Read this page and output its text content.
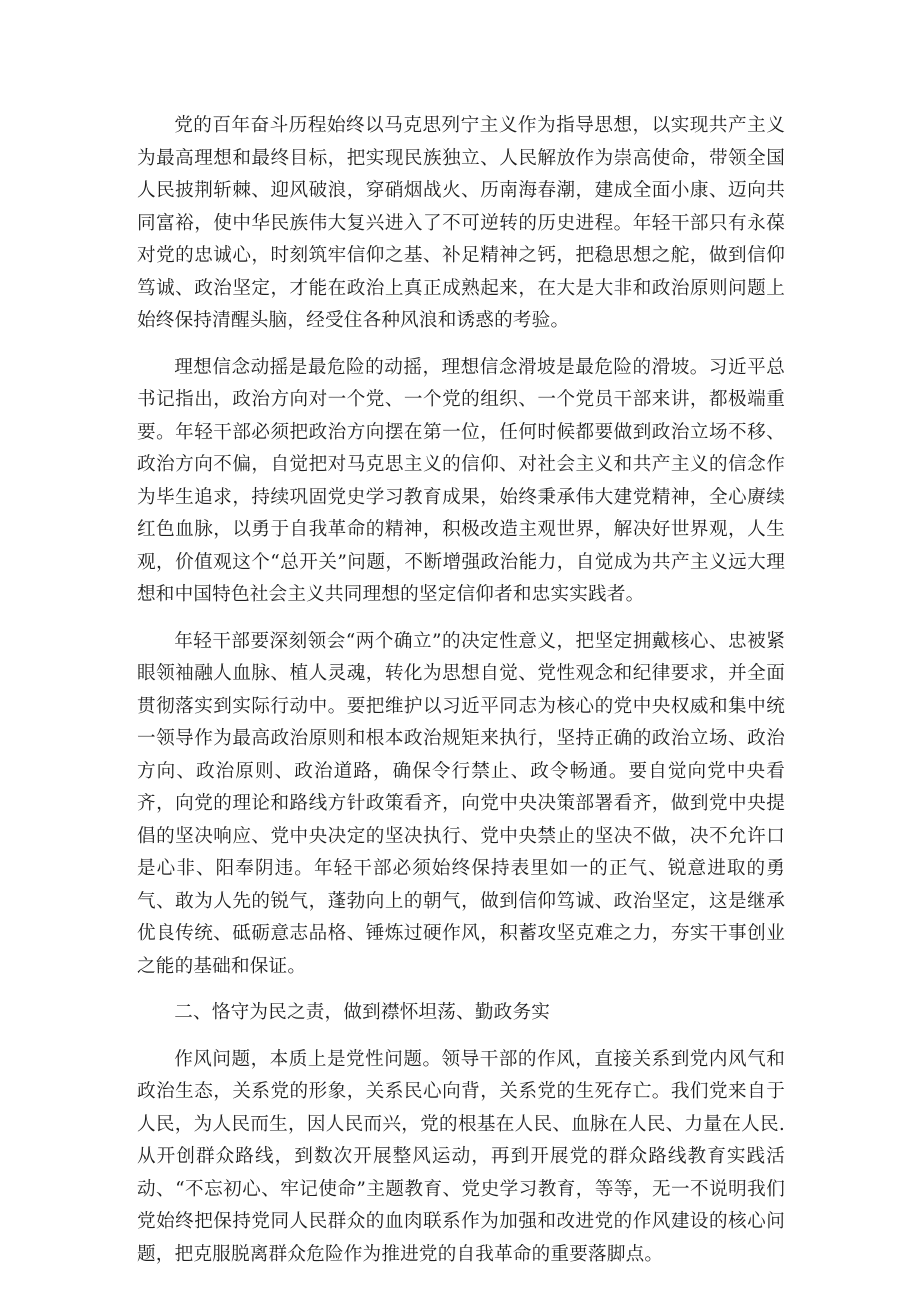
党的百年奋斗历程始终以马克思列宁主义作为指导思想，以实现共产主义为最高理想和最终目标，把实现民族独立、人民解放作为崇高使命，带领全国人民披荆斩棘、迎风破浪，穿硝烟战火、历南海春潮，建成全面小康、迈向共同富裕，使中华民族伟大复兴进入了不可逆转的历史进程。年轻干部只有永葆对党的忠诚心，时刻筑牢信仰之基、补足精神之钙，把稳思想之舵，做到信仰笃诚、政治坚定，才能在政治上真正成熟起来，在大是大非和政治原则问题上始终保持清醒头脑，经受住各种风浪和诱惑的考验。

理想信念动摇是最危险的动摇，理想信念滑坡是最危险的滑坡。习近平总书记指出，政治方向对一个党、一个党的组织、一个党员干部来讲，都极端重要。年轻干部必须把政治方向摆在第一位，任何时候都要做到政治立场不移、政治方向不偏，自觉把对马克思主义的信仰、对社会主义和共产主义的信念作为毕生追求，持续巩固党史学习教育成果，始终秉承伟大建党精神，全心赓续红色血脉，以勇于自我革命的精神，积极改造主观世界，解决好世界观，人生观，价值观这个“总开关”问题，不断增强政治能力，自觉成为共产主义远大理想和中国特色社会主义共同理想的坚定信仰者和忠实实践者。

年轻干部要深刻领会“两个确立”的决定性意义，把坚定拥戴核心、忠被紧眼领袖融人血脉、植人灵魂，转化为思想自觉、党性观念和纪律要求，并全面贯彻落实到实际行动中。要把维护以习近平同志为核心的党中央权威和集中统一领导作为最高政治原则和根本政治规矩来执行，坚持正确的政治立场、政治方向、政治原则、政治道路，确保令行禁止、政令畅通。要自觉向党中央看齐，向党的理论和路线方针政策看齐，向党中央决策部署看齐，做到党中央提倡的坚决响应、党中央决定的坚决执行、党中央禁止的坚决不做，决不允许口是心非、阳奉阴违。年轻干部必须始终保持表里如一的正气、锐意进取的勇气、敢为人先的锐气，蓬勃向上的朝气，做到信仰笃诚、政治坚定，这是继承优良传统、砥砺意志品格、锤炼过硬作风，积蓄攻坚克难之力，夯实干事创业之能的基础和保证。

二、恪守为民之责，做到襟怀坦荡、勤政务实

作风问题，本质上是党性问题。领导干部的作风，直接关系到党内风气和政治生态，关系党的形象，关系民心向背，关系党的生死存亡。我们党来自于人民，为人民而生，因人民而兴，党的根基在人民、血脉在人民、力量在人民.从开创群众路线，到数次开展整风运动，再到开展党的群众路线教育实践活动、“不忘初心、牢记使命”主题教育、党史学习教育，等等，无一不说明我们党始终把保持党同人民群众的血肉联系作为加强和改进党的作风建设的核心问题，把克服脱离群众危险作为推进党的自我革命的重要落脚点。
